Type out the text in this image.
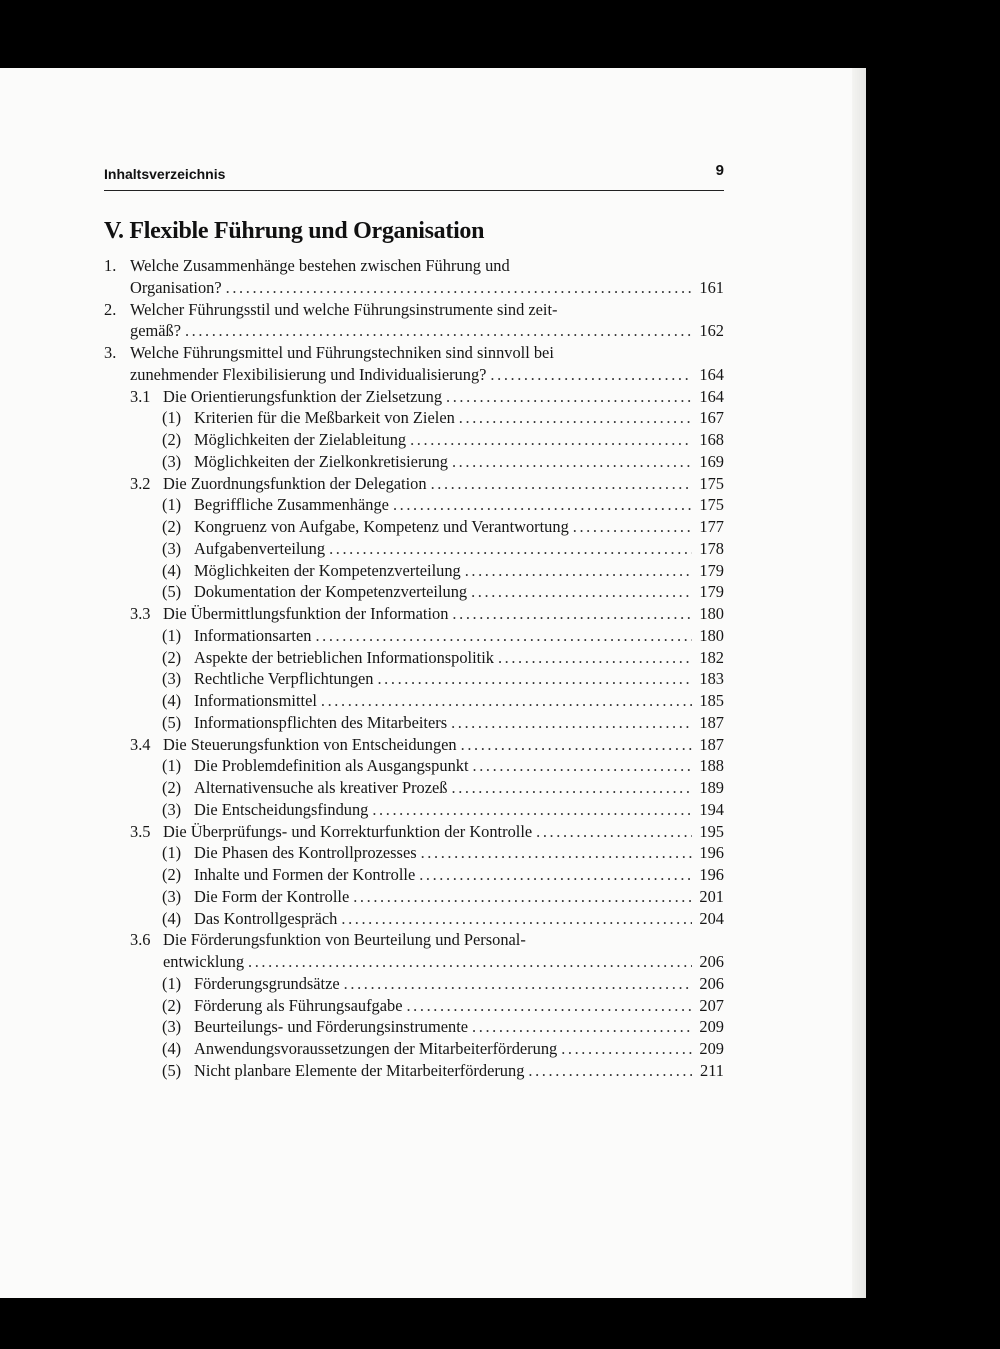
Inhaltsverzeichnis	9
V. Flexible Führung und Organisation
1. Welche Zusammenhänge bestehen zwischen Führung und
Organisation? . . .	161
2. Welcher Führungsstil und welche Führungsinstrumente sind zeit-
gemäß? . . .	162
3. Welche Führungsmittel und Führungstechniken sind sinnvoll bei
zunehmender Flexibilisierung und Individualisierung? . . .	164
3.1 Die Orientierungsfunktion der Zielsetzung . . .	164
(1) Kriterien für die Meßbarkeit von Zielen . . .	167
(2) Möglichkeiten der Zielableitung . . .	168
(3) Möglichkeiten der Zielkonkretisierung . . .	169
3.2 Die Zuordnungsfunktion der Delegation . . .	175
(1) Begriffliche Zusammenhänge . . .	175
(2) Kongruenz von Aufgabe, Kompetenz und Verantwortung . . .	177
(3) Aufgabenverteilung . . .	178
(4) Möglichkeiten der Kompetenzverteilung . . .	179
(5) Dokumentation der Kompetenzverteilung . . .	179
3.3 Die Übermittlungsfunktion der Information . . .	180
(1) Informationsarten . . .	180
(2) Aspekte der betrieblichen Informationspolitik . . .	182
(3) Rechtliche Verpflichtungen . . .	183
(4) Informationsmittel . . .	185
(5) Informationspflichten des Mitarbeiters . . .	187
3.4 Die Steuerungsfunktion von Entscheidungen . . .	187
(1) Die Problemdefinition als Ausgangspunkt . . .	188
(2) Alternativensuche als kreativer Prozeß . . .	189
(3) Die Entscheidungsfindung . . .	194
3.5 Die Überprüfungs- und Korrekturfunktion der Kontrolle . . .	195
(1) Die Phasen des Kontrollprozesses . . .	196
(2) Inhalte und Formen der Kontrolle . . .	196
(3) Die Form der Kontrolle . . .	201
(4) Das Kontrollgespräch . . .	204
3.6 Die Förderungsfunktion von Beurteilung und Personal-
entwicklung . . .	206
(1) Förderungsgrundsätze . . .	206
(2) Förderung als Führungsaufgabe . . .	207
(3) Beurteilungs- und Förderungsinstrumente . . .	209
(4) Anwendungsvoraussetzungen der Mitarbeiterförderung . . .	209
(5) Nicht planbare Elemente der Mitarbeiterförderung . . .	211
